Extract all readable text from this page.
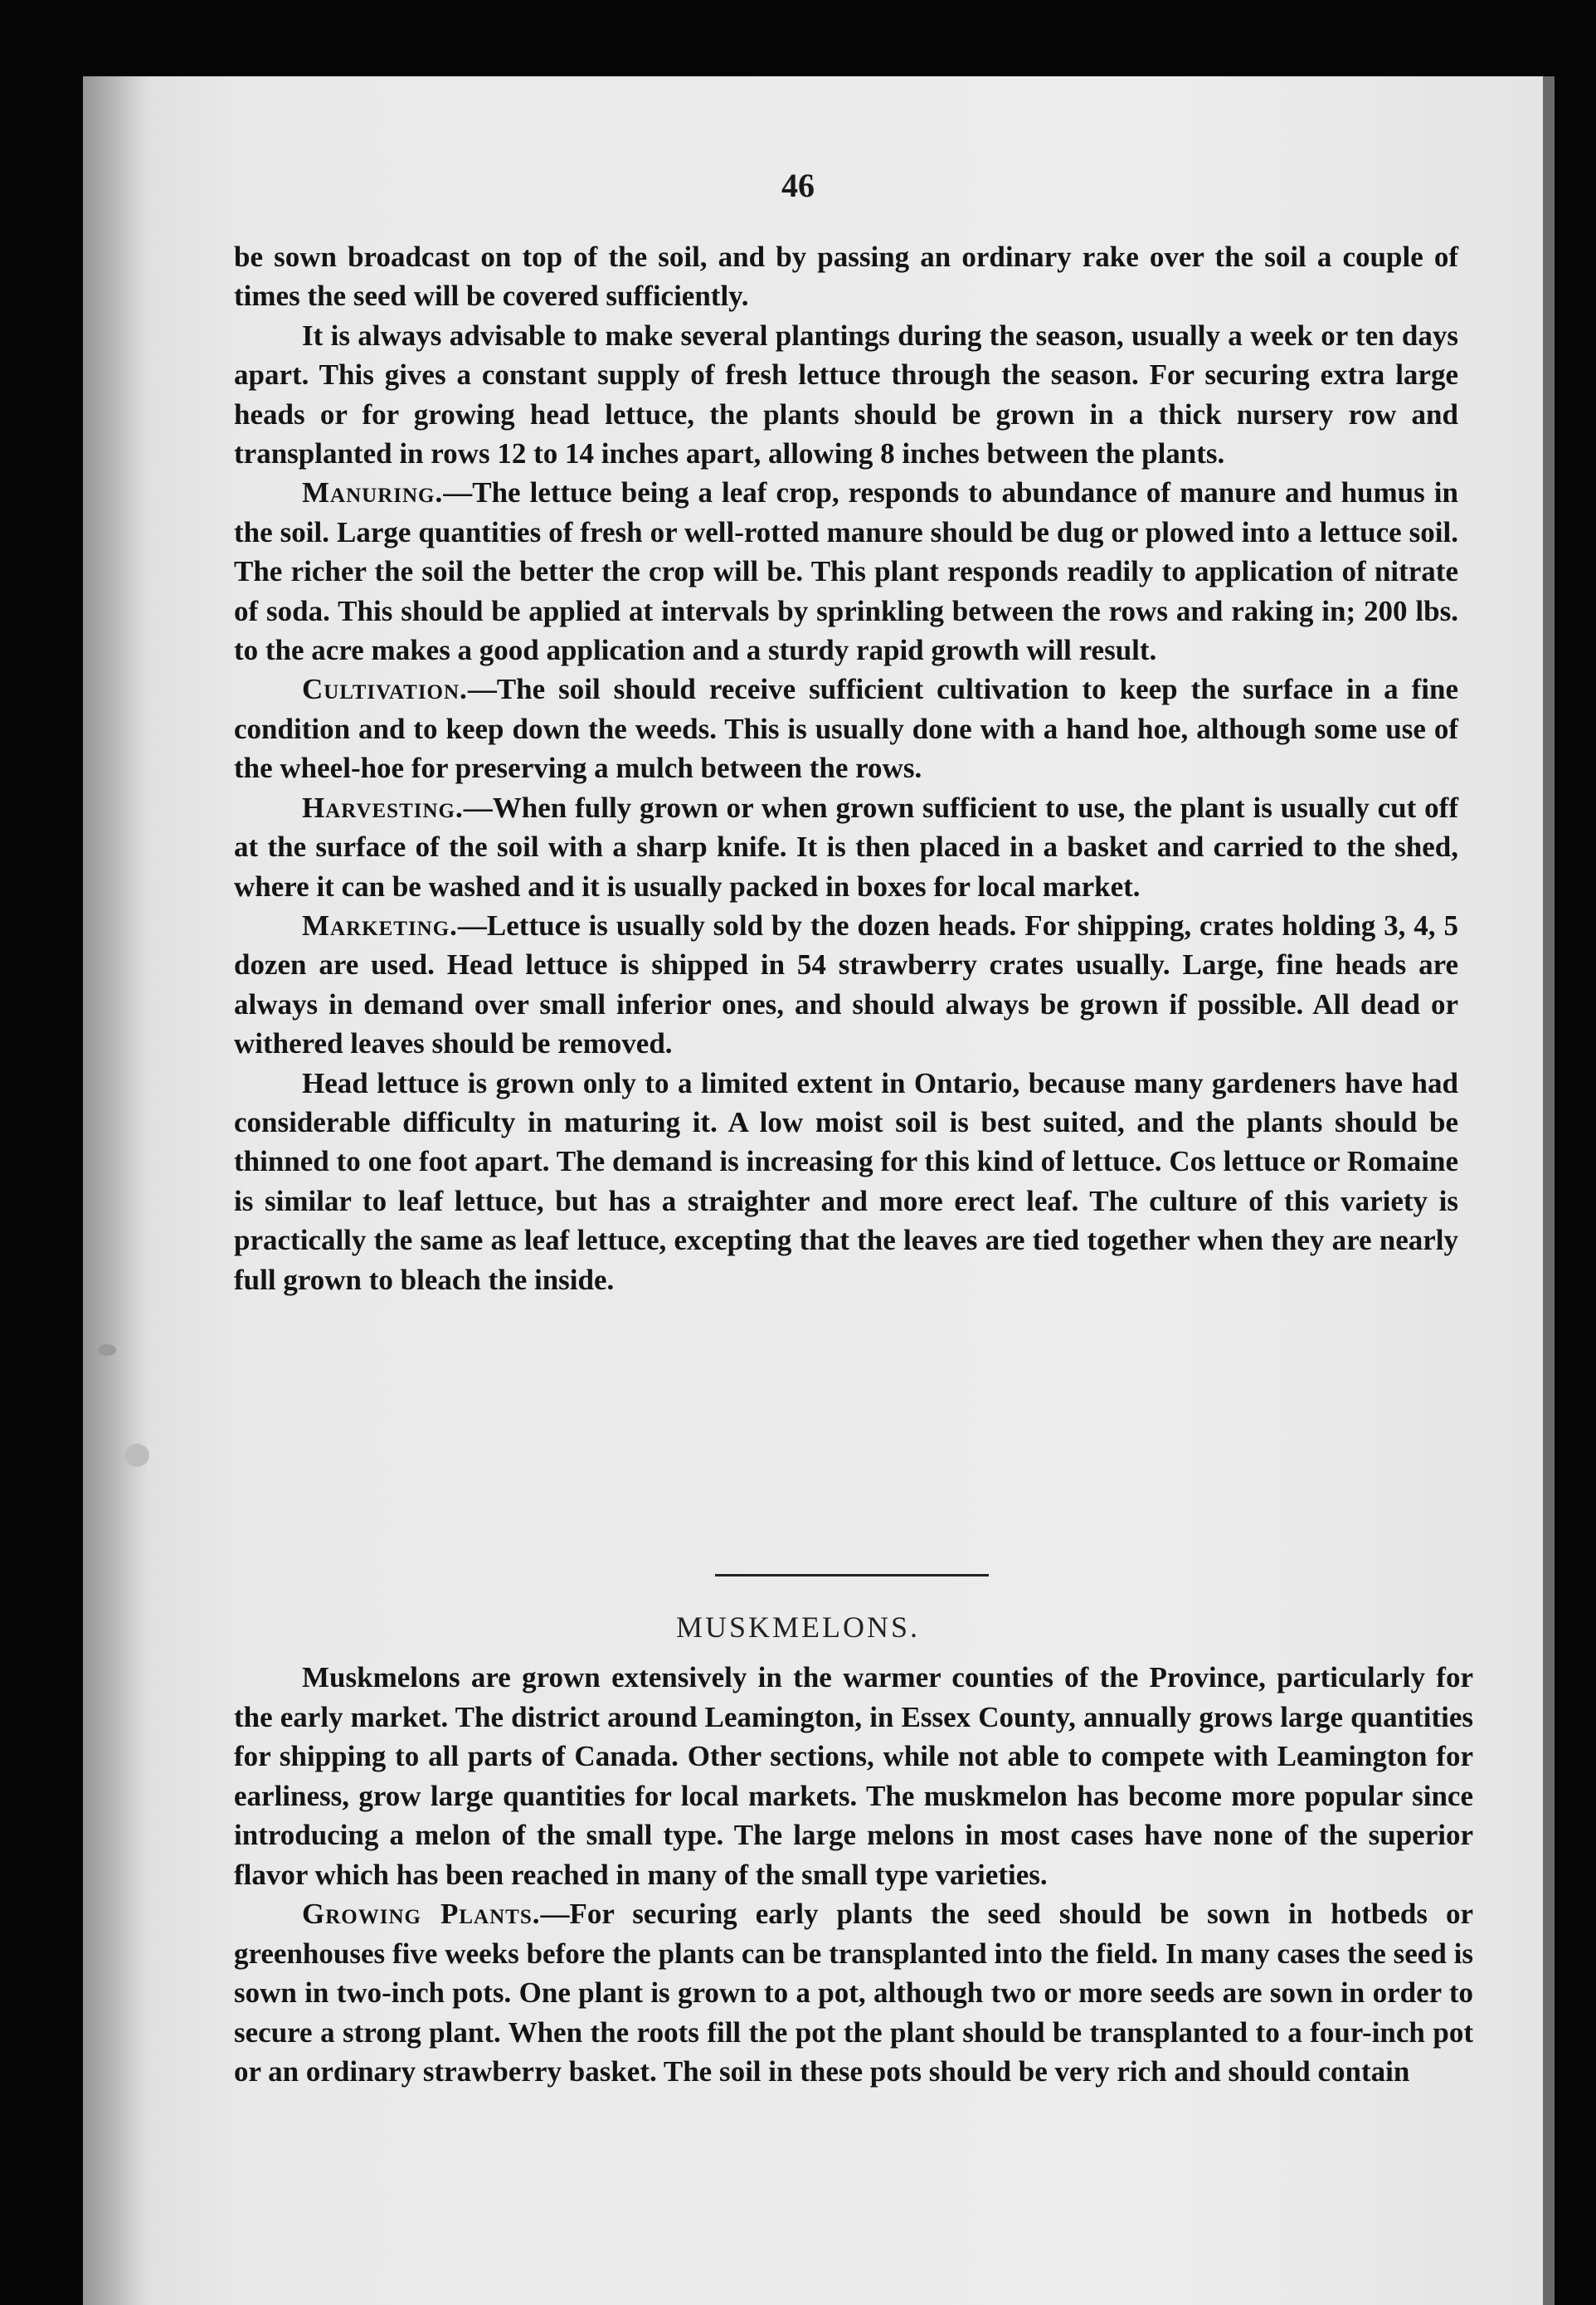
46

be sown broadcast on top of the soil, and by passing an ordinary rake over the soil a couple of times the seed will be covered sufficiently.

It is always advisable to make several plantings during the season, usually a week or ten days apart. This gives a constant supply of fresh lettuce through the season. For securing extra large heads or for growing head lettuce, the plants should be grown in a thick nursery row and transplanted in rows 12 to 14 inches apart, allowing 8 inches between the plants.

Manuring.—The lettuce being a leaf crop, responds to abundance of manure and humus in the soil. Large quantities of fresh or well-rotted manure should be dug or plowed into a lettuce soil. The richer the soil the better the crop will be. This plant responds readily to application of nitrate of soda. This should be applied at intervals by sprinkling between the rows and raking in; 200 lbs. to the acre makes a good application and a sturdy rapid growth will result.

Cultivation.—The soil should receive sufficient cultivation to keep the surface in a fine condition and to keep down the weeds. This is usually done with a hand hoe, although some use of the wheel-hoe for preserving a mulch between the rows.

Harvesting.—When fully grown or when grown sufficient to use, the plant is usually cut off at the surface of the soil with a sharp knife. It is then placed in a basket and carried to the shed, where it can be washed and it is usually packed in boxes for local market.

Marketing.—Lettuce is usually sold by the dozen heads. For shipping, crates holding 3, 4, 5 dozen are used. Head lettuce is shipped in 54 strawberry crates usually. Large, fine heads are always in demand over small inferior ones, and should always be grown if possible. All dead or withered leaves should be removed.

Head lettuce is grown only to a limited extent in Ontario, because many gardeners have had considerable difficulty in maturing it. A low moist soil is best suited, and the plants should be thinned to one foot apart. The demand is increasing for this kind of lettuce. Cos lettuce or Romaine is similar to leaf lettuce, but has a straighter and more erect leaf. The culture of this variety is practically the same as leaf lettuce, excepting that the leaves are tied together when they are nearly full grown to bleach the inside.

MUSKMELONS.

Muskmelons are grown extensively in the warmer counties of the Province, particularly for the early market. The district around Leamington, in Essex County, annually grows large quantities for shipping to all parts of Canada. Other sections, while not able to compete with Leamington for earliness, grow large quantities for local markets. The muskmelon has become more popular since introducing a melon of the small type. The large melons in most cases have none of the superior flavor which has been reached in many of the small type varieties.

Growing Plants.—For securing early plants the seed should be sown in hotbeds or greenhouses five weeks before the plants can be transplanted into the field. In many cases the seed is sown in two-inch pots. One plant is grown to a pot, although two or more seeds are sown in order to secure a strong plant. When the roots fill the pot the plant should be transplanted to a four-inch pot or an ordinary strawberry basket. The soil in these pots should be very rich and should contain
